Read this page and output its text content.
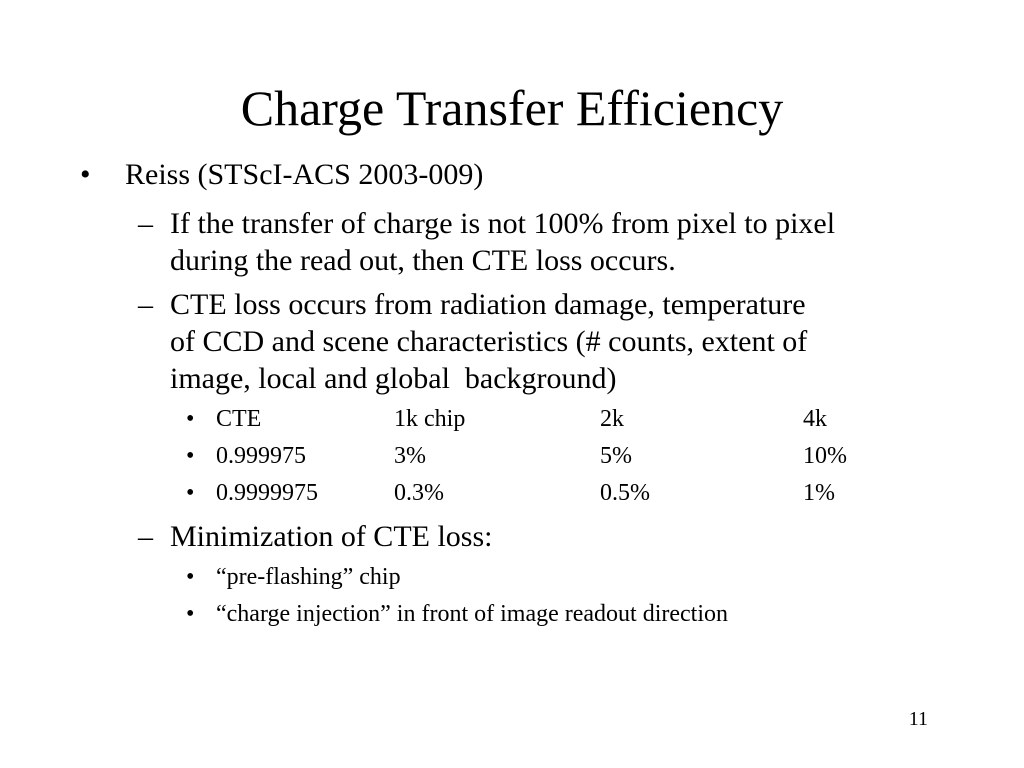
Charge Transfer Efficiency
•	Reiss (STScI-ACS 2003-009)
– If the transfer of charge is not 100% from pixel to pixel
during the read out, then CTE loss occurs.
– CTE loss occurs from radiation damage, temperature
of CCD and scene characteristics (# counts, extent of
image, local and global  background)
• CTE	1k chip	2k	4k
• 0.999975	3%	5%	10%
• 0.9999975	0.3%	0.5%	1%
– Minimization of CTE loss:
• “pre-flashing” chip
• “charge injection” in front of image readout direction
11
